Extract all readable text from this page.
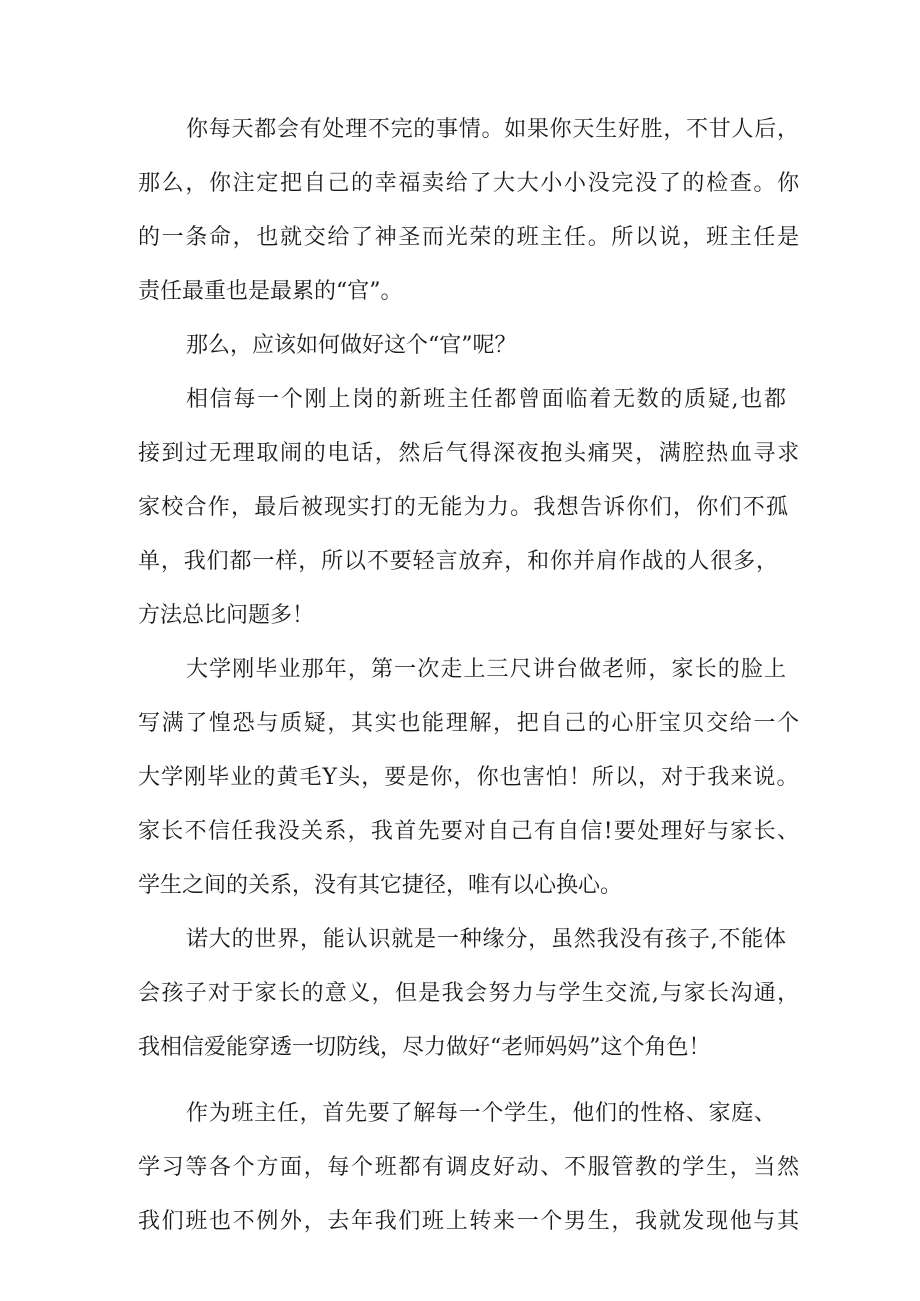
你每天都会有处理不完的事情。如果你天生好胜，不甘人后，
那么，你注定把自己的幸福卖给了大大小小没完没了的检查。你
的一条命，也就交给了神圣而光荣的班主任。所以说，班主任是
责任最重也是最累的“官”。
那么，应该如何做好这个“官”呢？
相信每一个刚上岗的新班主任都曾面临着无数的质疑,也都
接到过无理取闹的电话，然后气得深夜抱头痛哭，满腔热血寻求
家校合作，最后被现实打的无能为力。我想告诉你们，你们不孤
单，我们都一样，所以不要轻言放弃，和你并肩作战的人很多，
方法总比问题多！
大学刚毕业那年，第一次走上三尺讲台做老师，家长的脸上
写满了惶恐与质疑，其实也能理解，把自己的心肝宝贝交给一个
大学刚毕业的黄毛Y头，要是你，你也害怕！所以，对于我来说。
家长不信任我没关系，我首先要对自己有自信!要处理好与家长、
学生之间的关系，没有其它捷径，唯有以心换心。
诺大的世界，能认识就是一种缘分，虽然我没有孩子,不能体
会孩子对于家长的意义，但是我会努力与学生交流,与家长沟通，
我相信爱能穿透一切防线，尽力做好“老师妈妈”这个角色！
作为班主任，首先要了解每一个学生，他们的性格、家庭、
学习等各个方面，每个班都有调皮好动、不服管教的学生，当然
我们班也不例外，去年我们班上转来一个男生，我就发现他与其
